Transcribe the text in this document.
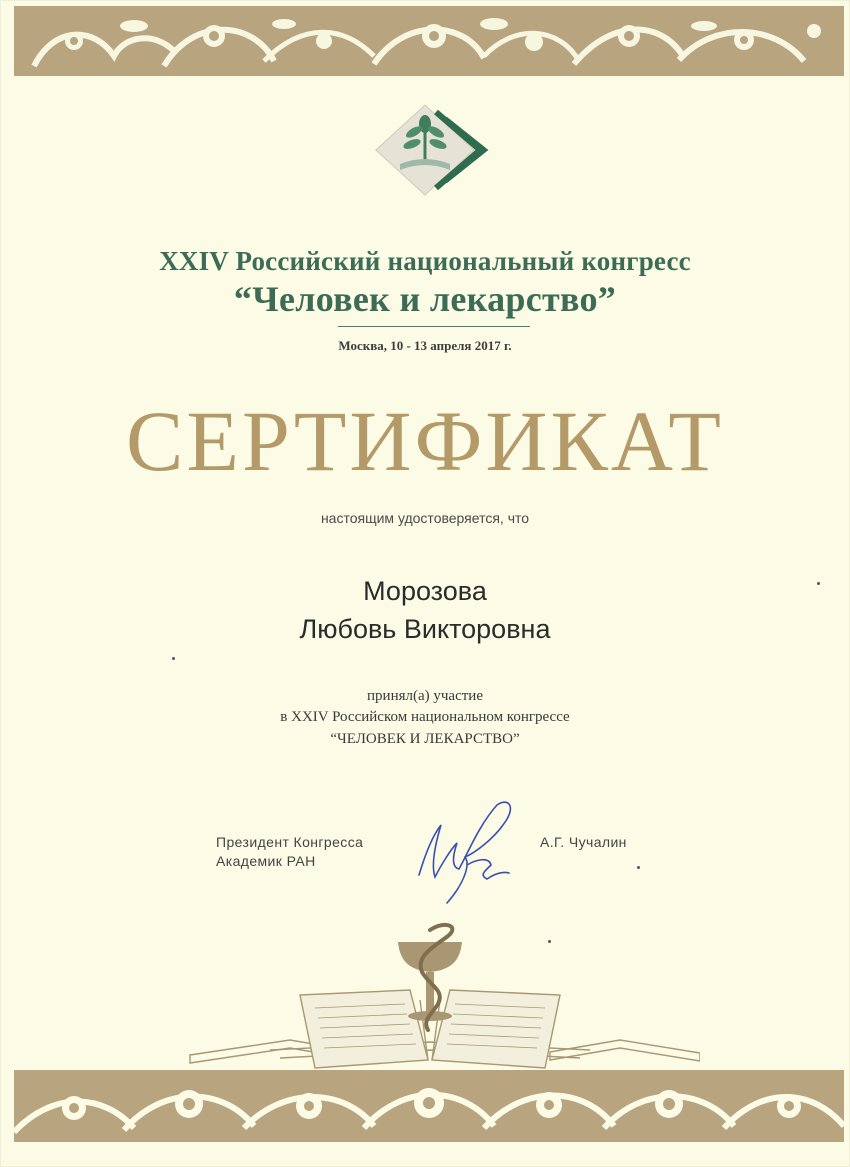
XXIV Российский национальный конгресс
“Человек и лекарство”
Москва, 10 - 13 апреля 2017 г.
СЕРТИФИКАТ
настоящим удостоверяется, что
Морозова
Любовь Викторовна
принял(а) участие
в XXIV Российском национальном конгрессе
“ЧЕЛОВЕК И ЛЕКАРСТВО”
Президент Конгресса
Академик РАН
А.Г. Чучалин
